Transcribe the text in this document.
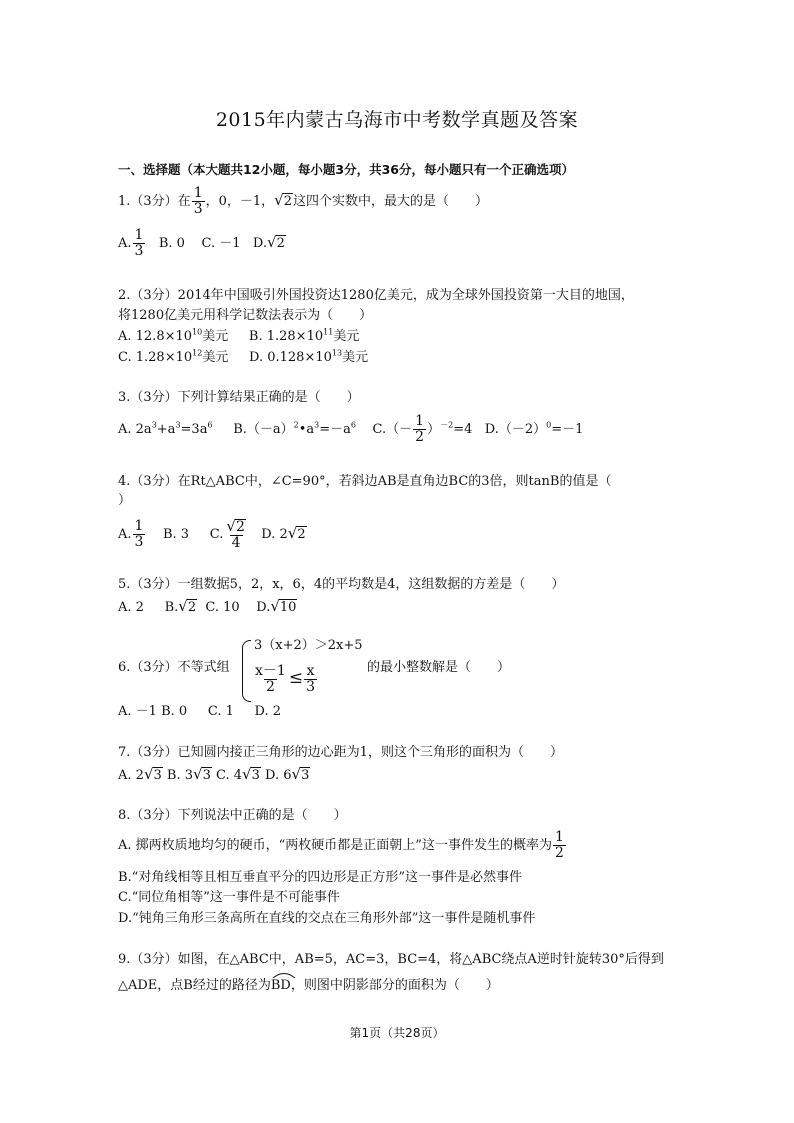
2015年内蒙古乌海市中考数学真题及答案
一、选择题（本大题共12小题，每小题3分，共36分，每小题只有一个正确选项）
1.（3分）在 $\frac{1}{3}$ ，0，－1，√2这四个实数中，最大的是（　　）
A. $\frac{1}{3} B$. 0 C. －1 D.√2
2.（3分）2014年中国吸引外国投资达1280亿美元，成为全球外国投资第一大目的地国，
将1280亿美元用科学记数法表示为（　　）
A. $12.8\times 10^{10}$美元 B. $1.28\times 10^{11}$美元
C. $1.28\times 10^{12}$美元 D. $0.128\times 10^{13}$美元
3.（3分）下列计算结果正确的是（　　）
A. $2a^3+a^3=3a^6$ $B.(-a)^2•a^3=-a^6$ $C.(- \frac{1}{2} )^{-2}=4$ $D.(-2)^0=-1$
4.（3分）在Rt△ABC中，∠C=90°，若斜边AB是直角边BC的3倍，则tanB的值是（
）
A. $\frac{1}{3} B$. 3 C. $\frac{√2}{4} D$. 2√2
5.（3分）一组数据5，2，x，6，4的平均数是4，这组数据的方差是（　　）
A. 2 B.√2 C. 10 D.√10
6.（3分）不等式组
3（x+2）＞2x+5
$\frac{x-1}{2} \le \frac{x}{3}$	的最小整数解是（　　）
A. －1 B. 0 C. 1 D. 2
7.（3分）已知圆内接正三角形的边心距为1，则这个三角形的面积为（　　）
A. 2√3 B. 3√3 C. 4√3 D. 6√3
8.（3分）下列说法中正确的是（　　）
A. 掷两枚质地均匀的硬币，“两枚硬币都是正面朝上”这一事件发生的概率为 $\frac{1}{2}$
B.“对角线相等且相互垂直平分的四边形是正方形”这一事件是必然事件
C.“同位角相等”这一事件是不可能事件
D.“钝角三角形三条高所在直线的交点在三角形外部”这一事件是随机事件
9.（3分）如图，在△ABC中，AB=5，AC=3，BC=4，将△ABC绕点A逆时针旋转30°后得到
△ADE，点B经过的路径为
BD，则图中阴影部分的面积为（　　）
第1页（共28页）
